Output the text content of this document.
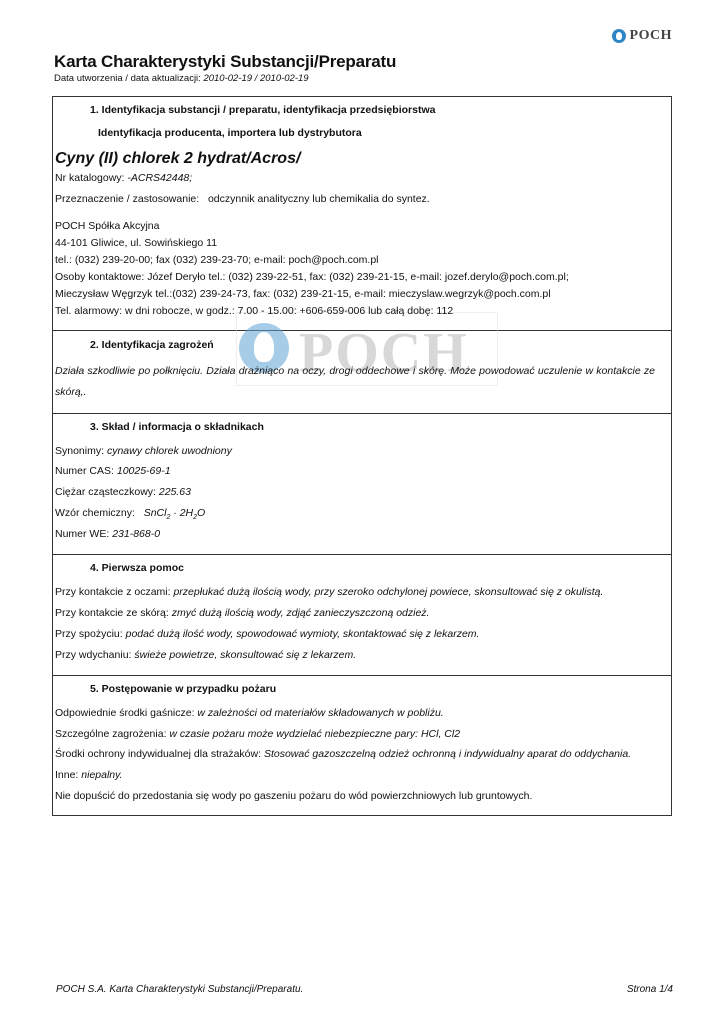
POCH
Karta Charakterystyki Substancji/Preparatu
Data utworzenia / data aktualizacji: 2010-02-19 / 2010-02-19
POCH
1. Identyfikacja substancji / preparatu, identyfikacja przedsiębiorstwa
Identyfikacja producenta, importera lub dystrybutora
Cyny (II) chlorek 2 hydrat/Acros/
Nr katalogowy: -ACRS42448;
Przeznaczenie / zastosowanie: odczynnik analityczny lub chemikalia do syntez.
POCH Spółka Akcyjna
44-101 Gliwice, ul. Sowińskiego 11
tel.: (032) 239-20-00; fax (032) 239-23-70; e-mail: poch@poch.com.pl
Osoby kontaktowe: Józef Deryło tel.: (032) 239-22-51, fax: (032) 239-21-15, e-mail: jozef.derylo@poch.com.pl;
Mieczysław Węgrzyk tel.:(032) 239-24-73, fax: (032) 239-21-15, e-mail: mieczyslaw.wegrzyk@poch.com.pl
Tel. alarmowy: w dni robocze, w godz.: 7.00 - 15.00: +606-659-006 lub całą dobę: 112
2. Identyfikacja zagrożeń
Działa szkodliwie po połknięciu. Działa drażniąco na oczy, drogi oddechowe i skórę. Może powodować uczulenie w kontakcie ze skórą,.
3. Skład / informacja o składnikach
Synonimy: cynawy chlorek uwodniony
Numer CAS: 10025-69-1
Ciężar cząsteczkowy: 225.63
Wzór chemiczny: SnCl$_2$ · $2H_2O$
Numer WE: 231-868-0
4. Pierwsza pomoc
Przy kontakcie z oczami: przepłukać dużą ilością wody, przy szeroko odchylonej powiece, skonsultować się z okulistą.
Przy kontakcie ze skórą: zmyć dużą ilością wody, zdjąć zanieczyszczoną odzież.
Przy spożyciu: podać dużą ilość wody, spowodować wymioty, skontaktować się z lekarzem.
Przy wdychaniu: świeże powietrze, skonsultować się z lekarzem.
5. Postępowanie w przypadku pożaru
Odpowiednie środki gaśnicze: w zależności od materiałów składowanych w pobliżu.
Szczególne zagrożenia: w czasie pożaru może wydzielać niebezpieczne pary: HCl, Cl2
Środki ochrony indywidualnej dla strażaków: Stosować gazoszczelną odzież ochronną i indywidualny aparat do oddychania.
Inne: niepalny.
Nie dopuścić do przedostania się wody po gaszeniu pożaru do wód powierzchniowych lub gruntowych.
POCH S.A. Karta Charakterystyki Substancji/Preparatu.	Strona 1/4
